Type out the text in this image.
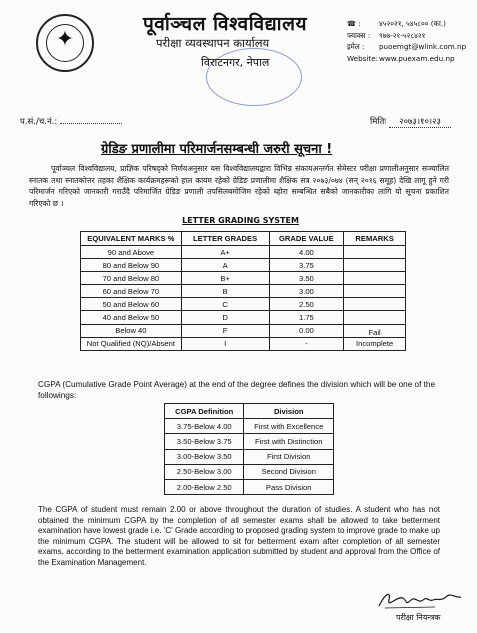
✦
पूर्वाञ्चल विश्वविद्यालय
परीक्षा व्यवस्थापन कार्यालय
विराटनगर, नेपाल
☎ :	४५२०२१, ५४५८०० (का.)
फ्याक्स :	९७७-२१-५२८४२१
इमेल :	puoemgt@wlink.com.np
Website: www.puexam.edu.np
प.सं./च.नं.:	मितिः २०७३।१०।२३
ग्रेडिङ प्रणालीमा परिमार्जनसम्बन्धी जरुरी सूचना !
पूर्वाञ्चल विश्वविद्यालय, प्राज्ञिक परिषद्को निर्णयअनुसार यस विश्वविद्यालयद्वारा विभिन्न संकायअन्तर्गत सेमेस्टर परीक्षा प्रणालीअनुसार सञ्चालित स्नातक तथा स्नातकोत्तर तहका शैक्षिक कार्यक्रमहरूको हाल कायम रहेको ग्रेडिङ प्रणालीमा शैक्षिक सत्र २०७३/०७४ (सन् २०१६ समूह) देखि लागू हुने गरी परिमार्जन गरिएको जानकारी गराउँदै परिमार्जित ग्रेडिङ प्रणाली तपसिलबमोजिम रहेको ब्होरा सम्बन्धित सबैको जानकारीका लागि यो सूचना प्रकाशित गरिएको छ ।
LETTER GRADING SYSTEM
EQUIVALENT MARKS %	LETTER GRADES	GRADE VALUE	REMARKS
90 and Above	A+	4.00	
80 and Below 90	A	3.75	
70 and Below 80	B+	3.50	
60 and Below 70	B	3.00	
50 and Below 60	C	2.50	
40 and Below 50	D	1.75	
Below 40	F	0.00	Fail
Not Qualified (NQ)/Absent	I	-	Incomplete
CGPA (Cumulative Grade Point Average) at the end of the degree defines the division which will be one of the followings:
CGPA Definition	Division
3.75-Below 4.00	First with Excellence
3.50-Below 3.75	First with Distinction
3.00-Below 3.50	First Division
2.50-Below 3.00	Second Division
2.00-Below 2.50	Pass Division
The CGPA of student must remain 2.00 or above throughout the duration of studies. A student who has not obtained the minimum CGPA by the completion of all semester exams shall be allowed to take betterment examination have lowest grade i.e. 'C' Grade according to proposed grading system to improve grade to make up the minimum CGPA. The student will be allowed to sit for betterment exam after completion of all semester exams, according to the betterment examination application submitted by student and approval from the Office of the Examination Management.
परीक्षा नियन्त्रक
